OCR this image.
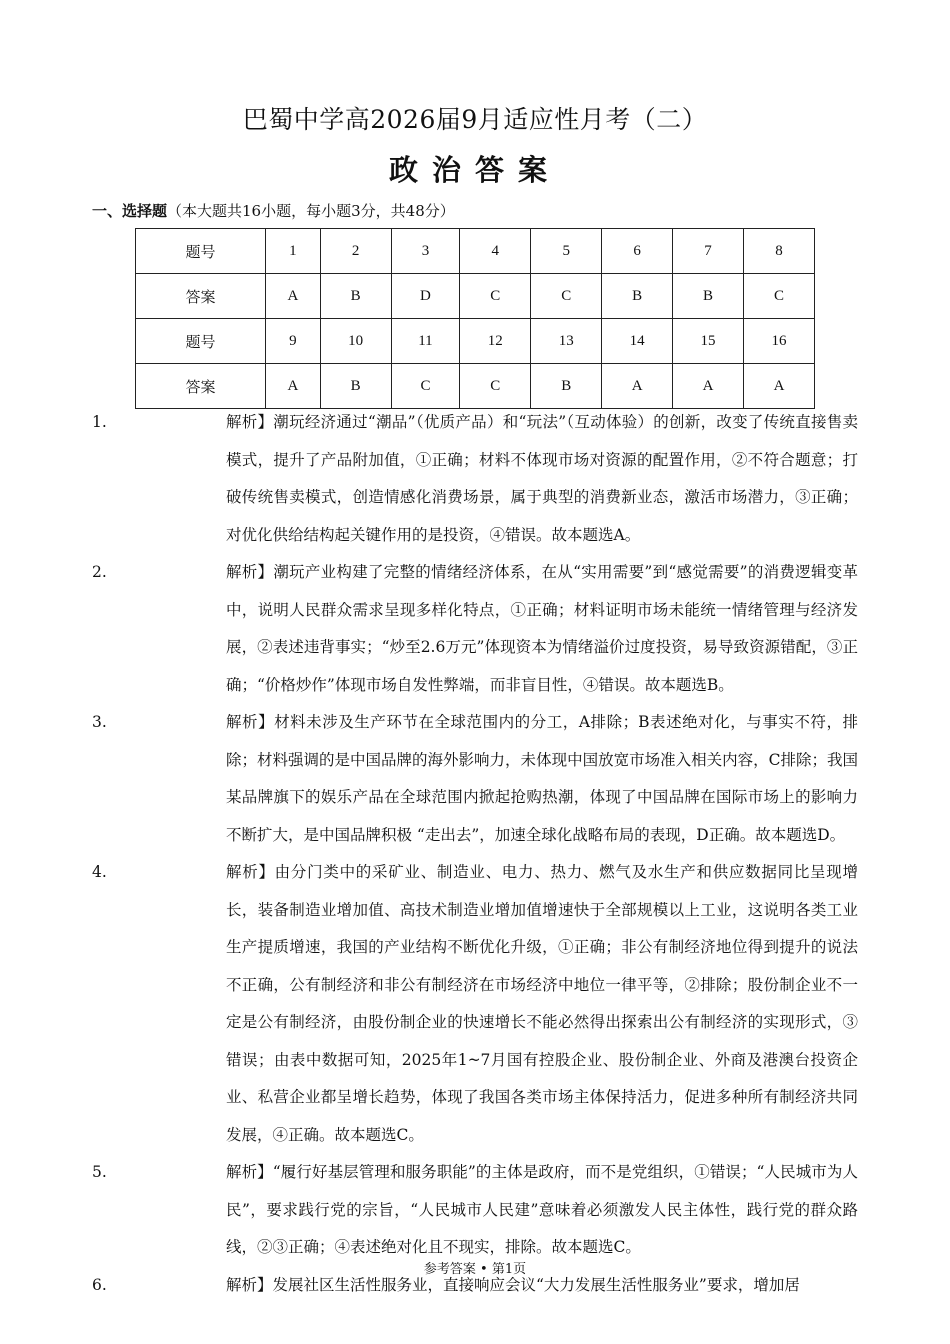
巴蜀中学高2026届9月适应性月考（二）
政治答案
一、选择题（本大题共16小题，每小题3分，共48分）
题号	1	2	3	4	5	6	7	8
答案	A	B	D	C	C	B	B	C
题号	9	10	11	12	13	14	15	16
答案	A	B	C	C	B	A	A	A
1.	解析】潮玩经济通过“潮品”（优质产品）和“玩法”（互动体验）的创新，改变了传统直接售卖模式，提升了产品附加值，①正确；材料不体现市场对资源的配置作用，②不符合题意；打破传统售卖模式，创造情感化消费场景，属于典型的消费新业态，激活市场潜力，③正确；对优化供给结构起关键作用的是投资，④错误。故本题选A。
2.	解析】潮玩产业构建了完整的情绪经济体系，在从“实用需要”到“感觉需要”的消费逻辑变革中，说明人民群众需求呈现多样化特点，①正确；材料证明市场未能统一情绪管理与经济发展，②表述违背事实；“炒至2.6万元”体现资本为情绪溢价过度投资，易导致资源错配，③正确；“价格炒作”体现市场自发性弊端，而非盲目性，④错误。故本题选B。
3.	解析】材料未涉及生产环节在全球范围内的分工，A排除；B表述绝对化，与事实不符，排除；材料强调的是中国品牌的海外影响力，未体现中国放宽市场准入相关内容，C排除；我国某品牌旗下的娱乐产品在全球范围内掀起抢购热潮，体现了中国品牌在国际市场上的影响力不断扩大，是中国品牌积极 “走出去”，加速全球化战略布局的表现，D正确。故本题选D。
4.	解析】由分门类中的采矿业、制造业、电力、热力、燃气及水生产和供应数据同比呈现增长，装备制造业增加值、高技术制造业增加值增速快于全部规模以上工业，这说明各类工业生产提质增速，我国的产业结构不断优化升级，①正确；非公有制经济地位得到提升的说法不正确，公有制经济和非公有制经济在市场经济中地位一律平等，②排除；股份制企业不一定是公有制经济，由股份制企业的快速增长不能必然得出探索出公有制经济的实现形式，③错误；由表中数据可知，2025年1~7月国有控股企业、股份制企业、外商及港澳台投资企业、私营企业都呈增长趋势，体现了我国各类市场主体保持活力，促进多种所有制经济共同发展，④正确。故本题选C。
5.	解析】“履行好基层管理和服务职能”的主体是政府，而不是党组织，①错误；“人民城市为人民”，要求践行党的宗旨，“人民城市人民建”意味着必须激发人民主体性，践行党的群众路线，②③正确；④表述绝对化且不现实，排除。故本题选C。
6.	解析】发展社区生活性服务业，直接响应会议“大力发展生活性服务业”要求，增加居
参考答案 • 第1页
